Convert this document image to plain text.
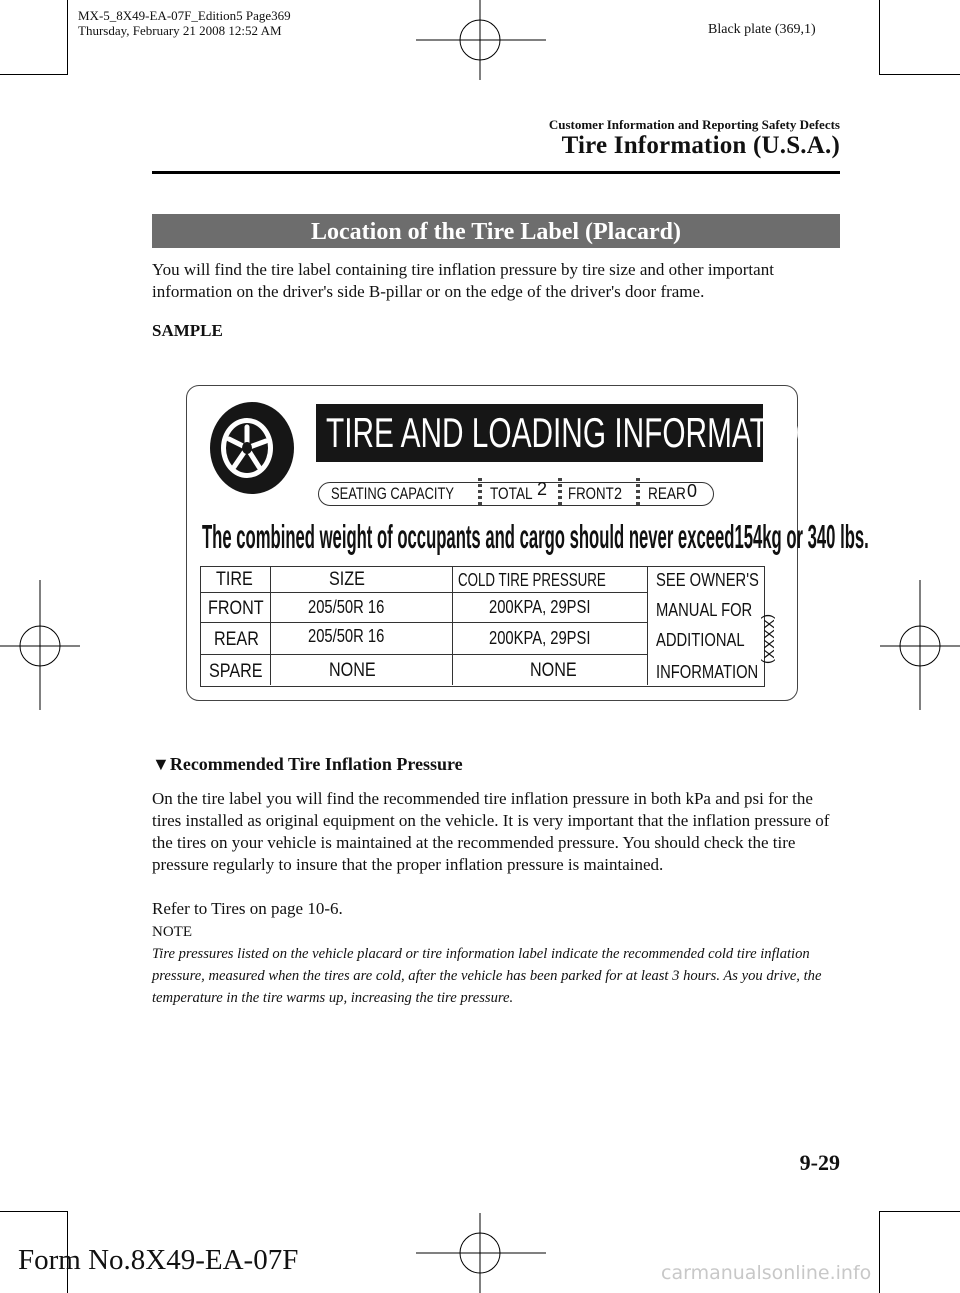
MX-5_8X49-EA-07F_Edition5 Page369
Thursday, February 21 2008 12:52 AM	Black plate (369,1)
Customer Information and Reporting Safety Defects
Tire Information (U.S.A.)
Location of the Tire Label (Placard)
You will find the tire label containing tire inflation pressure by tire size and other important information on the driver's side B-pillar or on the edge of the driver's door frame.
SAMPLE
TIRE AND LOADING INFORMATION
SEATING CAPACITY TOTAL 2 FRONT 2 REAR 0
The combined weight of occupants and cargo should never exceed154kg or 340 lbs.
TIRE	SIZE	COLD TIRE PRESSURE
FRONT 205/50R 16	200KPA, 29PSI
REAR	205/50R 16	200KPA, 29PSI
SPARE	NONE	NONE
SEE OWNER'S
MANUAL FOR
ADDITIONAL
INFORMATION
(XXXX)
▼Recommended Tire Inflation Pressure
On the tire label you will find the recommended tire inflation pressure in both kPa and psi for the tires installed as original equipment on the vehicle. It is very important that the inflation pressure of the tires on your vehicle is maintained at the recommended pressure. You should check the tire pressure regularly to insure that the proper inflation pressure is maintained.
Refer to Tires on page 10-6.
NOTE
Tire pressures listed on the vehicle placard or tire information label indicate the recommended cold tire inflation pressure, measured when the tires are cold, after the vehicle has been parked for at least 3 hours. As you drive, the temperature in the tire warms up, increasing the tire pressure.
9-29
Form No.8X49-EA-07F	carmanualsonline.info
